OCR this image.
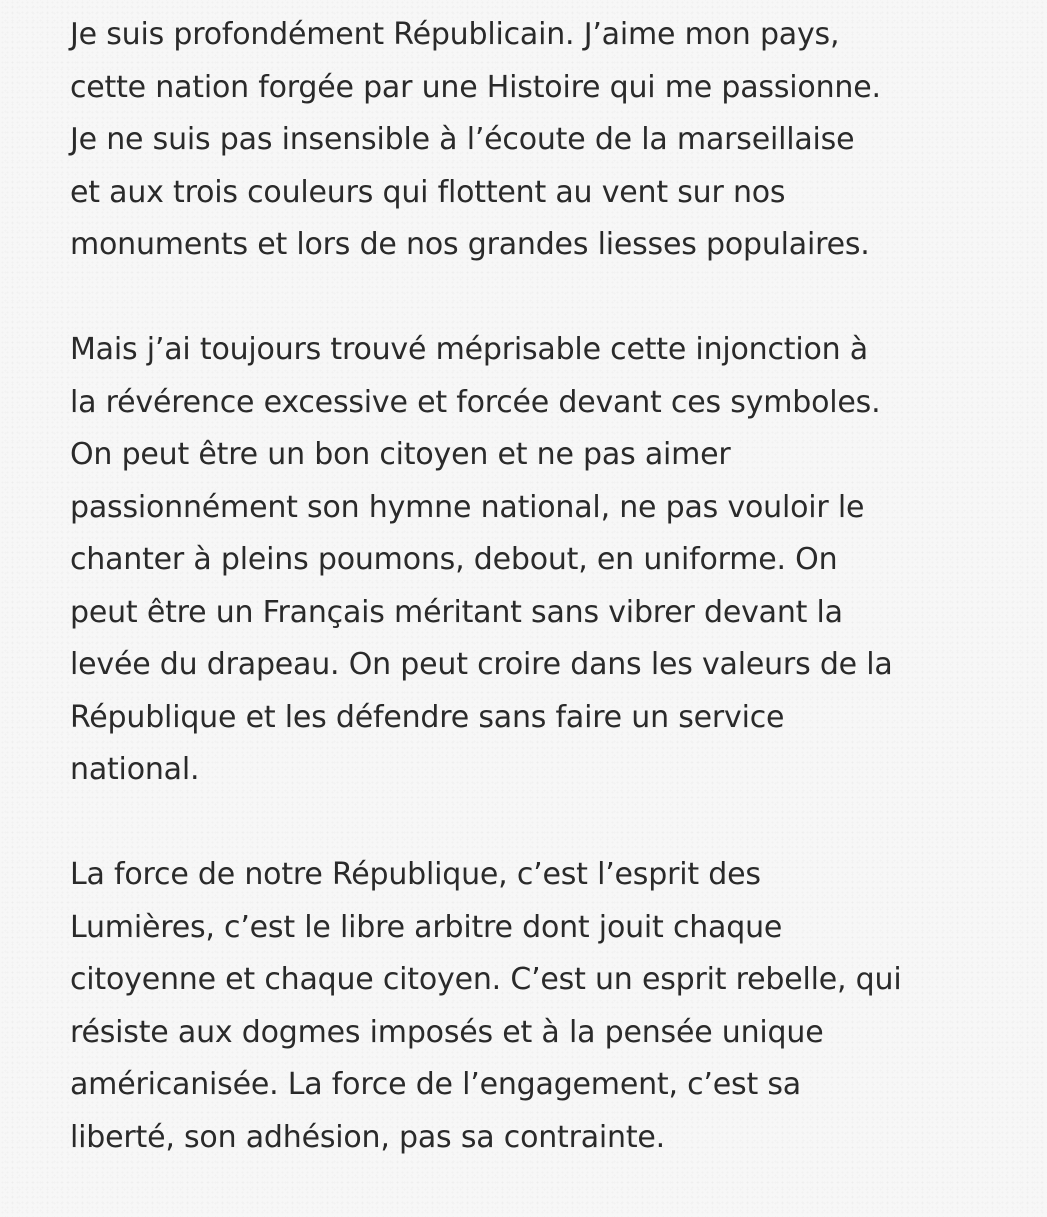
Je suis profondément Républicain. J’aime mon pays,
cette nation forgée par une Histoire qui me passionne.
Je ne suis pas insensible à l’écoute de la marseillaise
et aux trois couleurs qui flottent au vent sur nos
monuments et lors de nos grandes liesses populaires.

Mais j’ai toujours trouvé méprisable cette injonction à
la révérence excessive et forcée devant ces symboles.
On peut être un bon citoyen et ne pas aimer
passionnément son hymne national, ne pas vouloir le
chanter à pleins poumons, debout, en uniforme. On
peut être un Français méritant sans vibrer devant la
levée du drapeau. On peut croire dans les valeurs de la
République et les défendre sans faire un service
national.

La force de notre République, c’est l’esprit des
Lumières, c’est le libre arbitre dont jouit chaque
citoyenne et chaque citoyen. C’est un esprit rebelle, qui
résiste aux dogmes imposés et à la pensée unique
américanisée. La force de l’engagement, c’est sa
liberté, son adhésion, pas sa contrainte.
